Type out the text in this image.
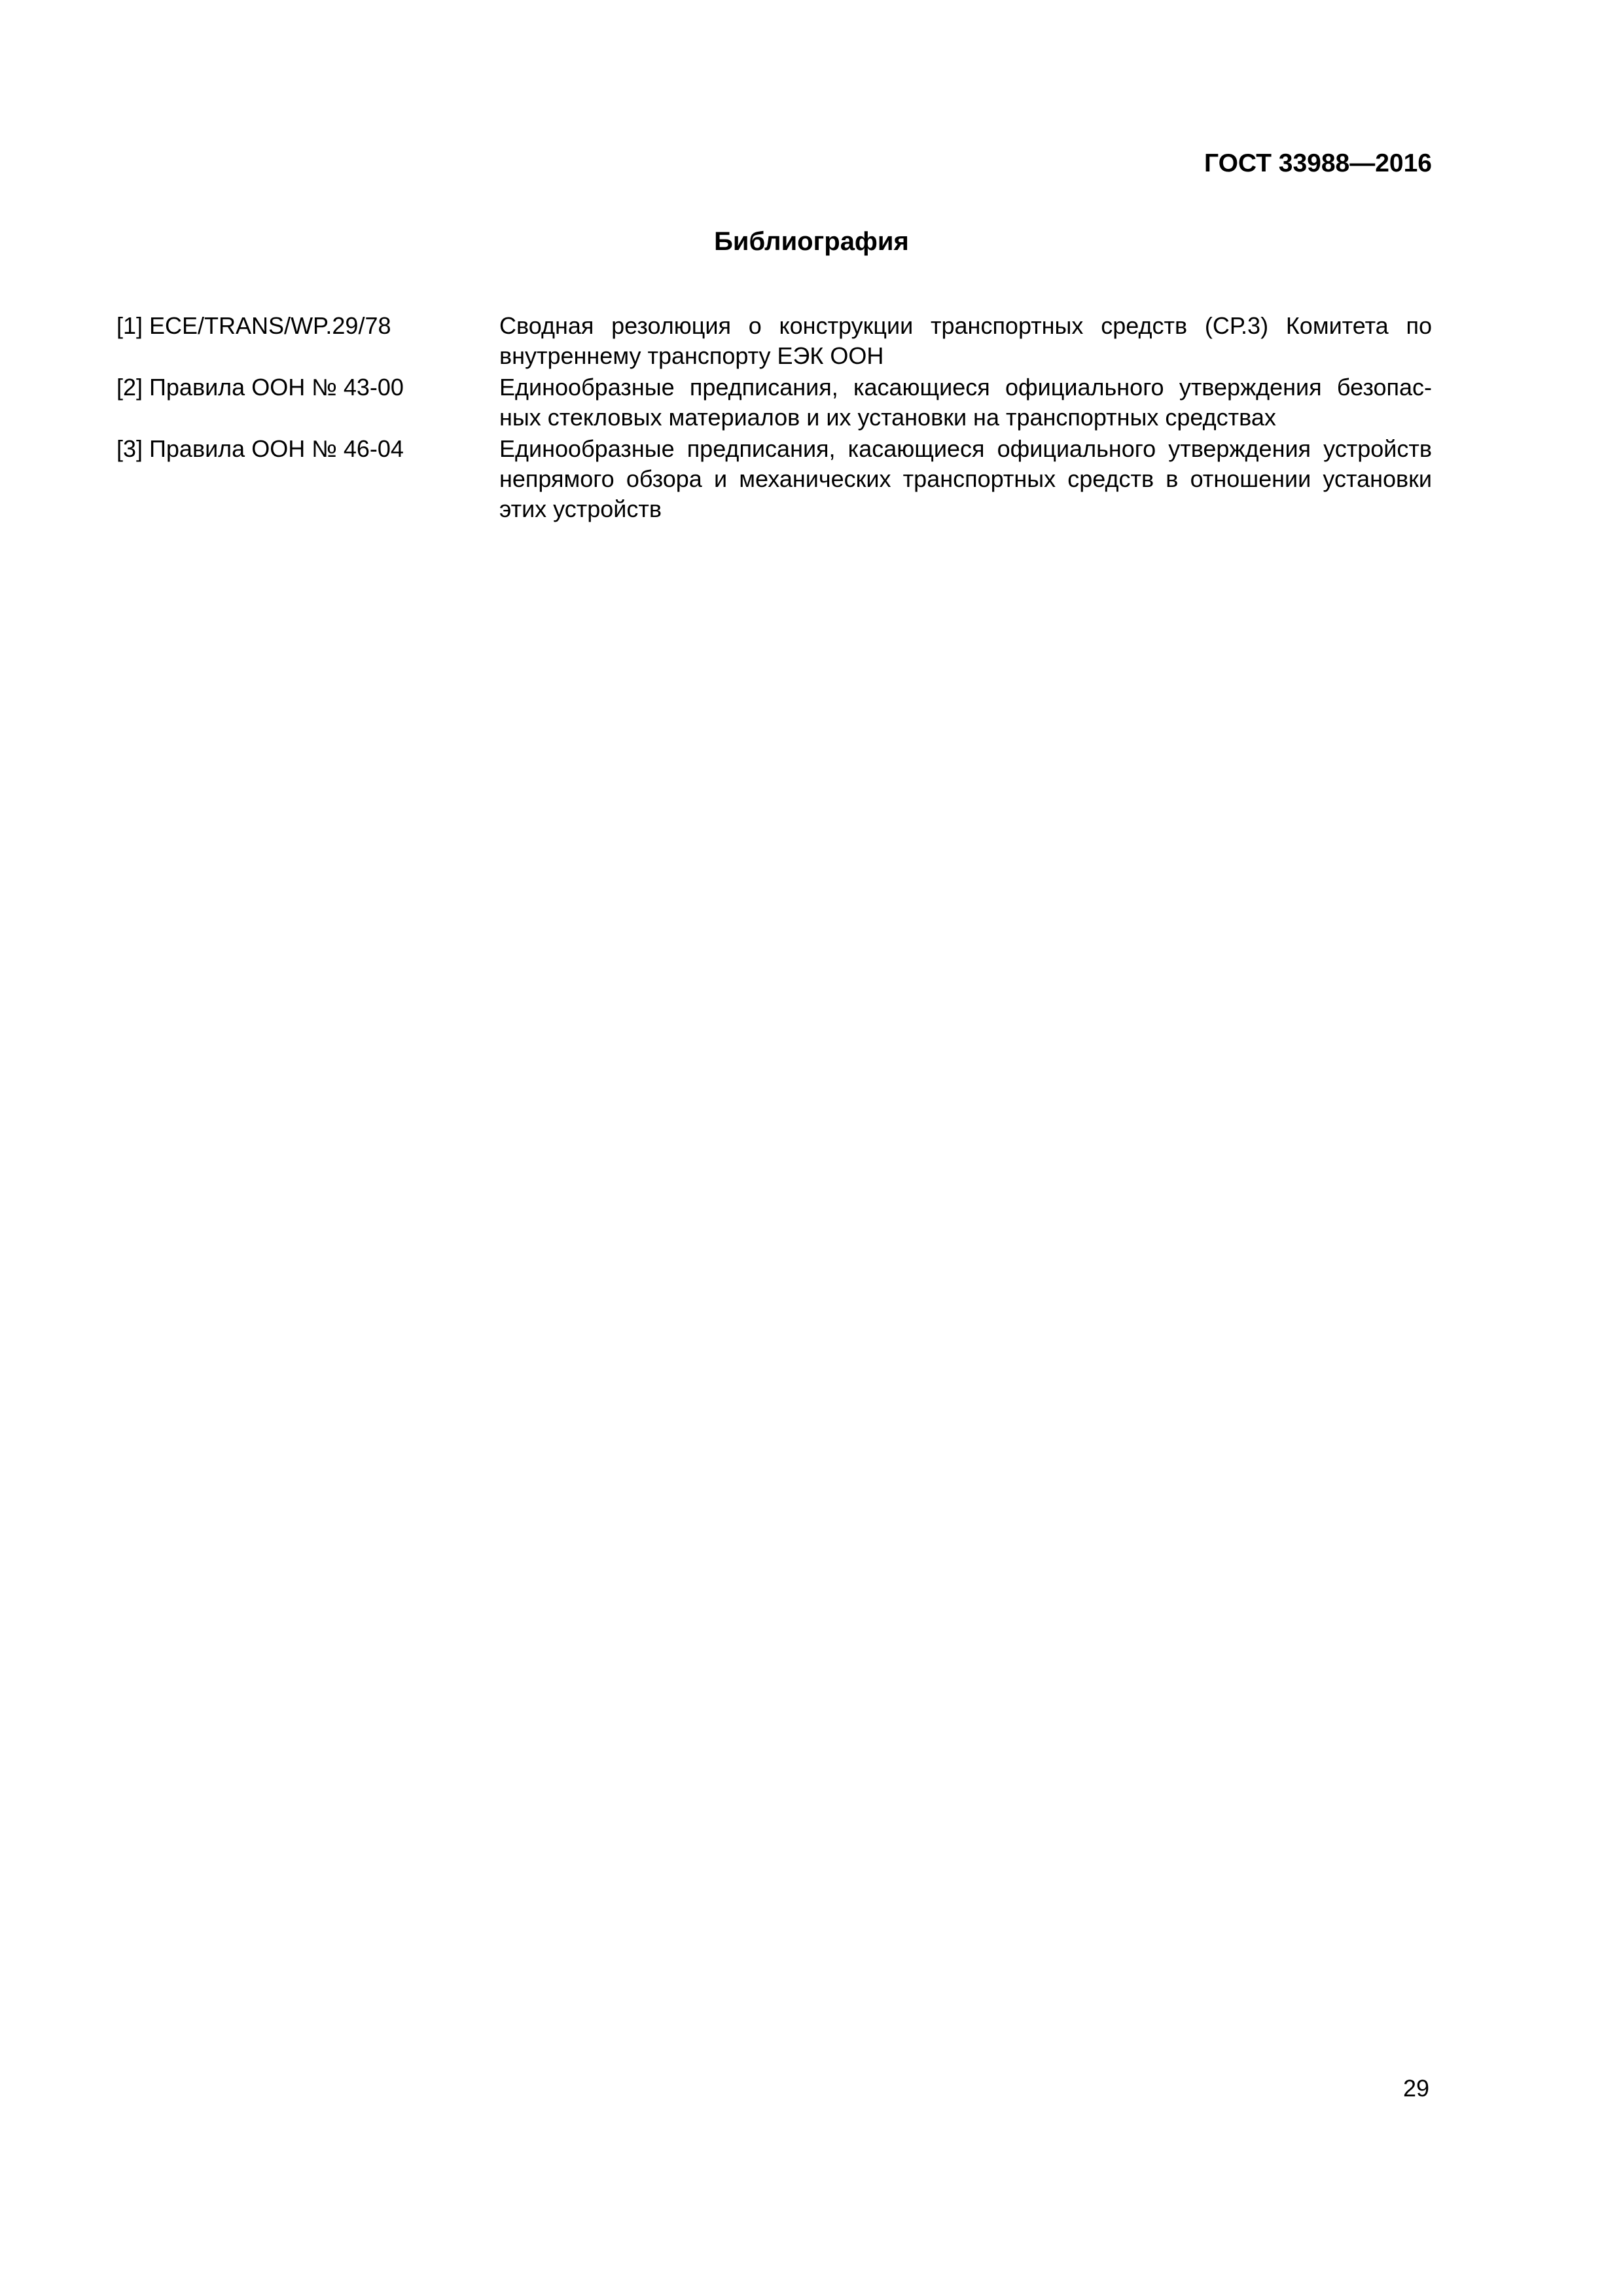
ГОСТ 33988—2016
Библиография
[1] ECE/TRANS/WP.29/78	Сводная резолюция о конструкции транспортных средств (СР.3) Комитета по
внутреннему транспорту ЕЭК ООН
[2] Правила ООН № 43-00	Единообразные предписания, касающиеся официального утверждения безопас-
ных стекловых материалов и их установки на транспортных средствах
[3] Правила ООН № 46-04	Единообразные предписания, касающиеся официального утверждения устройств
непрямого обзора и механических транспортных средств в отношении установки
этих устройств
29
